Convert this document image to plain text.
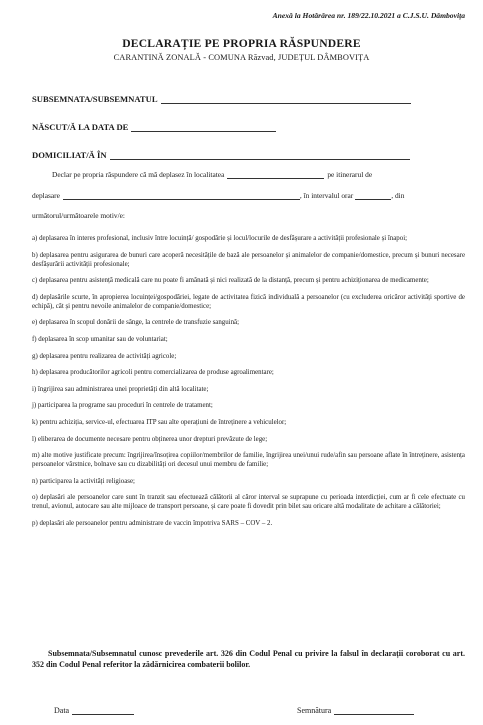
Anexă la Hotărârea nr. 189/22.10.2021 a C.J.S.U. Dâmbovița
DECLARAȚIE PE PROPRIA RĂSPUNDERE
CARANTINĂ ZONALĂ - COMUNA Răzvad, JUDEȚUL DÂMBOVIȚA
SUBSEMNATA/SUBSEMNATUL
NĂSCUT/Ă LA DATA DE
DOMICILIAT/Ă ÎN
Declar pe propria răspundere că mă deplasez în localitatea	pe itinerarul de
deplasare	, în intervalul orar	, din
următorul/următoarele motiv/e:

a) deplasarea în interes profesional, inclusiv între locuință/ gospodărie și locul/locurile de desfășurare a activității profesionale și înapoi;

b) deplasarea pentru asigurarea de bunuri care acoperă necesitățile de bază ale persoanelor și animalelor de companie/domestice, precum și bunuri necesare desfășurării activității profesionale;

c) deplasarea pentru asistență medicală care nu poate fi amânată și nici realizată de la distanță, precum și pentru achiziționarea de medicamente;

d) deplasările scurte, în apropierea locuinței/gospodăriei, legate de activitatea fizică individuală a persoanelor (cu excluderea oricăror activități sportive de echipă), cât și pentru nevoile animalelor de companie/domestice;

e) deplasarea în scopul donării de sânge, la centrele de transfuzie sanguină;

f) deplasarea în scop umanitar sau de voluntariat;

g) deplasarea pentru realizarea de activități agricole;

h) deplasarea producătorilor agricoli pentru comercializarea de produse agroalimentare;

i) îngrijirea sau administrarea unei proprietăți din altă localitate;

j) participarea la programe sau proceduri în centrele de tratament;

k) pentru achiziția, service-ul, efectuarea ITP sau alte operațiuni de întreținere a vehiculelor;

l) eliberarea de documente necesare pentru obținerea unor drepturi prevăzute de lege;

m) alte motive justificate precum: îngrijirea/însoțirea copiilor/membrilor de familie, îngrijirea unei/unui rude/afin sau persoane aflate în întreținere, asistența persoanelor vârstnice, bolnave sau cu dizabilități ori decesul unui membru de familie;

n) participarea la activități religioase;

o) deplasări ale persoanelor care sunt în tranzit sau efectuează călătorii al căror interval se suprapune cu perioada interdicției, cum ar fi cele efectuate cu trenul, avionul, autocare sau alte mijloace de transport persoane, și care poate fi dovedit prin bilet sau oricare altă modalitate de achitare a călătoriei;

p) deplasări ale persoanelor pentru administrare de vaccin împotriva SARS – COV – 2.

Subsemnata/Subsemnatul cunosc prevederile art. 326 din Codul Penal cu privire la falsul în declarații coroborat cu art. 352 din Codul Penal referitor la zădărnicirea combaterii bolilor.

Data	Semnătura
